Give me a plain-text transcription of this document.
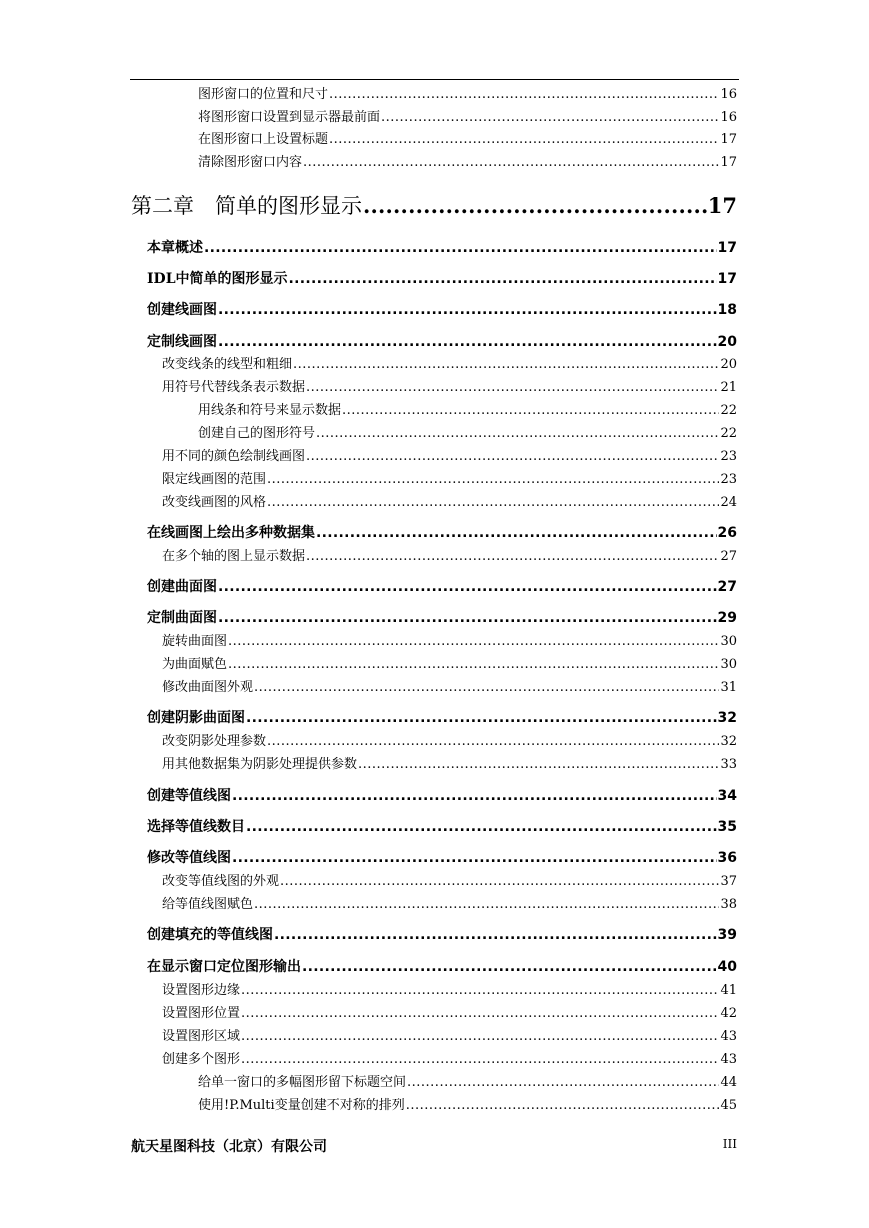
图形窗口的位置和尺寸 .....	16
将图形窗口设置到显示器最前面 .....	16
在图形窗口上设置标题 .....	17
清除图形窗口内容 .....	17
第二章　简单的图形显示 .....	17
本章概述 .....	17
IDL中简单的图形显示 .....	17
创建线画图 .....	18
定制线画图 .....	20
改变线条的线型和粗细 .....	20
用符号代替线条表示数据 .....	21
用线条和符号来显示数据 .....	22
创建自己的图形符号 .....	22
用不同的颜色绘制线画图 .....	23
限定线画图的范围 .....	23
改变线画图的风格 .....	24
在线画图上绘出多种数据集 .....	26
在多个轴的图上显示数据 .....	27
创建曲面图 .....	27
定制曲面图 .....	29
旋转曲面图 .....	30
为曲面赋色 .....	30
修改曲面图外观 .....	31
创建阴影曲面图 .....	32
改变阴影处理参数 .....	32
用其他数据集为阴影处理提供参数 .....	33
创建等值线图 .....	34
选择等值线数目 .....	35
修改等值线图 .....	36
改变等值线图的外观 .....	37
给等值线图赋色 .....	38
创建填充的等值线图 .....	39
在显示窗口定位图形输出 .....	40
设置图形边缘 .....	41
设置图形位置 .....	42
设置图形区域 .....	43
创建多个图形 .....	43
给单一窗口的多幅图形留下标题空间 .....	44
使用!P.Multi变量创建不对称的排列 .....	45
航天星图科技（北京）有限公司	III
